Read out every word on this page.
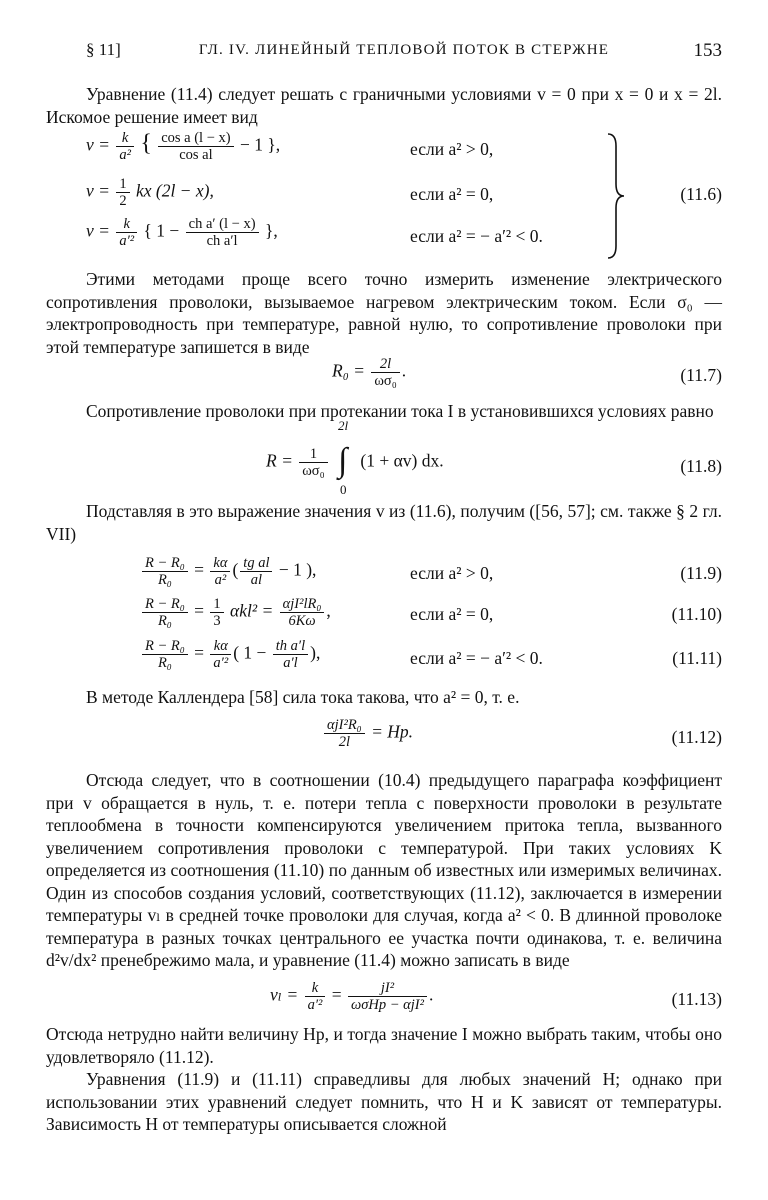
§ 11]	ГЛ. IV. ЛИНЕЙНЫЙ ТЕПЛОВОЙ ПОТОК В СТЕРЖНЕ	153
Уравнение (11.4) следует решать с граничными условиями v = 0 при x = 0 и x = 2l. Искомое решение имеет вид
$v = \frac{k}{\text{a²}}$ { $\frac{\text{cos a (l − x)}}{\text{cos al}} - 1$ },	если a² > 0,
$v = \frac{1}{2}$ kx (2l − x),	если a² = 0,
$v = \frac{k}{\text{a′²}}$ { $1 - \frac{\text{ch a′ (l − x)}}{\text{ch a′l}}$ },	если a² = − a′² < 0.
(11.6)
Этими методами проще всего точно измерить изменение электрического сопротивления проволоки, вызываемое нагревом электрическим током. Если σ₀ — электропроводность при температуре, равной нулю, то сопротивление проволоки при этой температуре запишется в виде
$R_0 = \frac{2l}{\text{ωσ₀}}$ .	(11.7)
Сопротивление проволоки при протекании тока I в установившихся условиях равно
$R = \frac{1}{\text{ωσ₀}}$

2l
∫
0
(1 + αv) dx.	(11.8)
Подставляя в это выражение значения v из (11.6), получим ([56, 57]; см. также § 2 гл. VII)
$\frac{\text{R − R₀}}{\text{R₀}} = \frac{k\alpha}{\text{a²}}$ ( $\frac{\text{tg al}}{al} - 1$ ),	если a² > 0,	(11.9)
$\frac{\text{R − R₀}}{\text{R₀}} = \frac{1}{3} \alpha kl^2 = \frac{\text{αjI²lR₀}}{6K\omega}$ ,	если a² = 0,	(11.10)
$\frac{\text{R − R₀}}{\text{R₀}} = \frac{k\alpha}{\text{a′²}}$ ( $1 - \frac{\text{th a′l}}{a'l}$ ),	если a² = − a′² < 0.	(11.11)
В методе Каллендера [58] сила тока такова, что a² = 0, т. е.
$\frac{\text{αjI²R₀}}{2l} = Hp$.	(11.12)
Отсюда следует, что в соотношении (10.4) предыдущего параграфа коэффициент при v обращается в нуль, т. е. потери тепла с поверхности проволоки в результате теплообмена в точности компенсируются увеличением притока тепла, вызванного увеличением сопротивления проволоки с температурой. При таких условиях K определяется из соотношения (11.10) по данным об известных или измеримых величинах. Один из способов создания условий, соответствующих (11.12), заключается в измерении температуры vₗ в средней точке проволоки для случая, когда a² < 0. В длинной проволоке температура в разных точках центрального ее участка почти одинакова, т. е. величина d²v/dx² пренебрежимо мала, и уравнение (11.4) можно записать в виде
$v_l = \frac{k}{\text{a′²}} = \frac{\text{jI²}}{\text{ωσHp − αjI²}}$ .	(11.13)
Отсюда нетрудно найти величину Hp, и тогда значение I можно выбрать таким, чтобы оно удовлетворяло (11.12).
Уравнения (11.9) и (11.11) справедливы для любых значений H; однако при использовании этих уравнений следует помнить, что H и K зависят от температуры. Зависимость H от температуры описывается сложной
